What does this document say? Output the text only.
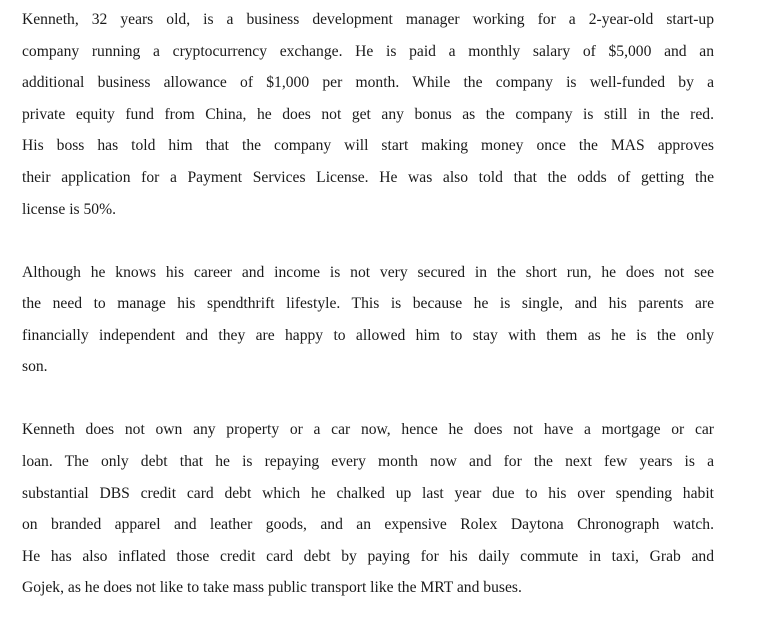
Kenneth, 32 years old, is a business development manager working for a 2-year-old start-up
company running a cryptocurrency exchange. He is paid a monthly salary of $5,000 and an
additional business allowance of $1,000 per month. While the company is well-funded by a
private equity fund from China, he does not get any bonus as the company is still in the red.
His boss has told him that the company will start making money once the MAS approves
their application for a Payment Services License. He was also told that the odds of getting the
license is 50%.
Although he knows his career and income is not very secured in the short run, he does not see
the need to manage his spendthrift lifestyle. This is because he is single, and his parents are
financially independent and they are happy to allowed him to stay with them as he is the only
son.
Kenneth does not own any property or a car now, hence he does not have a mortgage or car
loan. The only debt that he is repaying every month now and for the next few years is a
substantial DBS credit card debt which he chalked up last year due to his over spending habit
on branded apparel and leather goods, and an expensive Rolex Daytona Chronograph watch.
He has also inflated those credit card debt by paying for his daily commute in taxi, Grab and
Gojek, as he does not like to take mass public transport like the MRT and buses.
